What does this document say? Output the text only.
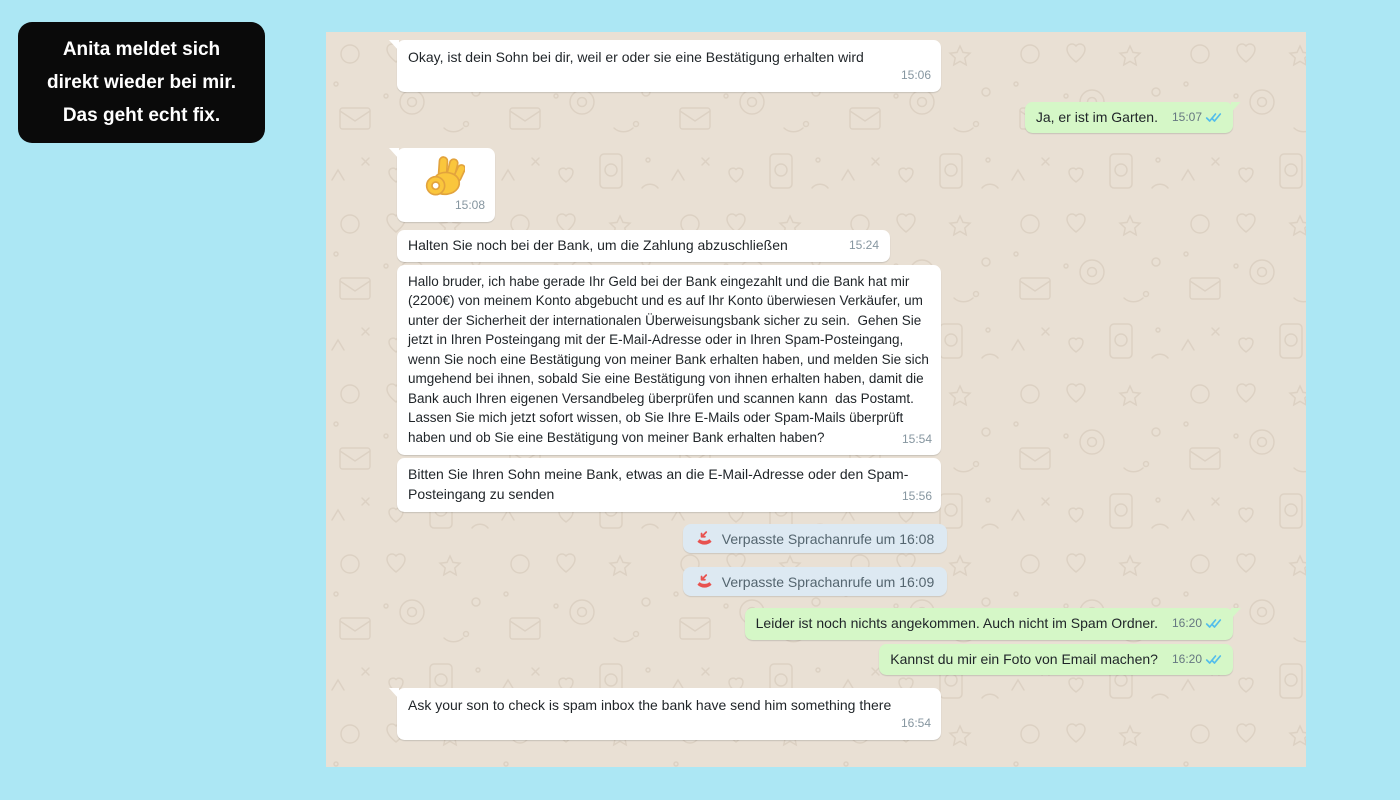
Anita meldet sich
direkt wieder bei mir.
Das geht echt fix.
Okay, ist dein Sohn bei dir, weil er oder sie eine Bestätigung erhalten wird
15:06
Ja, er ist im Garten. 15:07
15:08
Halten Sie noch bei der Bank, um die Zahlung abzuschließen	15:24
Hallo bruder, ich habe gerade Ihr Geld bei der Bank eingezahlt und die Bank hat mir (2200€) von meinem Konto abgebucht und es auf Ihr Konto überwiesen Verkäufer, um unter der Sicherheit der internationalen Überweisungsbank sicher zu sein.  Gehen Sie jetzt in Ihren Posteingang mit der E-Mail-Adresse oder in Ihren Spam-Posteingang, wenn Sie noch eine Bestätigung von meiner Bank erhalten haben, und melden Sie sich umgehend bei ihnen, sobald Sie eine Bestätigung von ihnen erhalten haben, damit die Bank auch Ihren eigenen Versandbeleg überprüfen und scannen kann  das Postamt.  Lassen Sie mich jetzt sofort wissen, ob Sie Ihre E-Mails oder Spam-Mails überprüft haben und ob Sie eine Bestätigung von meiner Bank erhalten haben?	15:54
Bitten Sie Ihren Sohn meine Bank, etwas an die E-Mail-Adresse oder den Spam-Posteingang zu senden	15:56
Verpasste Sprachanrufe um 16:08
Verpasste Sprachanrufe um 16:09
Leider ist noch nichts angekommen. Auch nicht im Spam Ordner. 16:20
Kannst du mir ein Foto von Email machen? 16:20
Ask your son to check is spam inbox the bank have send him something there
16:54
